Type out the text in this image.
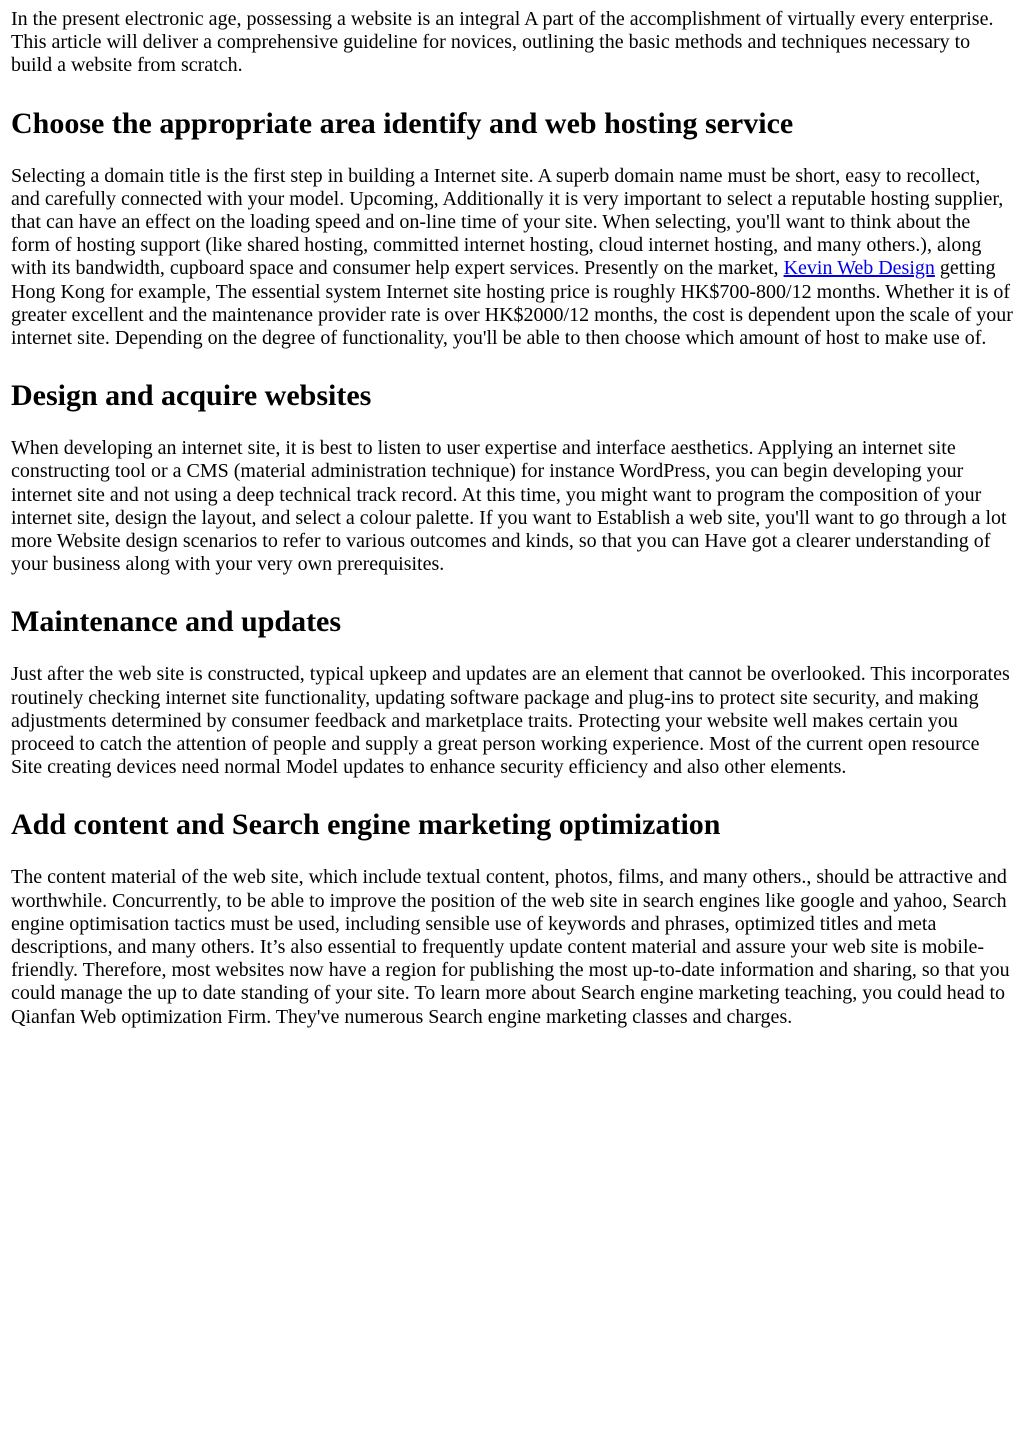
In the present electronic age, possessing a website is an integral A part of the accomplishment of virtually every enterprise. This article will deliver a comprehensive guideline for novices, outlining the basic methods and techniques necessary to build a website from scratch.

Choose the appropriate area identify and web hosting service

Selecting a domain title is the first step in building a Internet site. A superb domain name must be short, easy to recollect, and carefully connected with your model. Upcoming, Additionally it is very important to select a reputable hosting supplier, that can have an effect on the loading speed and on-line time of your site. When selecting, you'll want to think about the form of hosting support (like shared hosting, committed internet hosting, cloud internet hosting, and many others.), along with its bandwidth, cupboard space and consumer help expert services. Presently on the market, Kevin Web Design getting Hong Kong for example, The essential system Internet site hosting price is roughly HK$700-800/12 months. Whether it is of greater excellent and the maintenance provider rate is over HK$2000/12 months, the cost is dependent upon the scale of your internet site. Depending on the degree of functionality, you'll be able to then choose which amount of host to make use of.

Design and acquire websites

When developing an internet site, it is best to listen to user expertise and interface aesthetics. Applying an internet site constructing tool or a CMS (material administration technique) for instance WordPress, you can begin developing your internet site and not using a deep technical track record. At this time, you might want to program the composition of your internet site, design the layout, and select a colour palette. If you want to Establish a web site, you'll want to go through a lot more Website design scenarios to refer to various outcomes and kinds, so that you can Have got a clearer understanding of your business along with your very own prerequisites.

Maintenance and updates

Just after the web site is constructed, typical upkeep and updates are an element that cannot be overlooked. This incorporates routinely checking internet site functionality, updating software package and plug-ins to protect site security, and making adjustments determined by consumer feedback and marketplace traits. Protecting your website well makes certain you proceed to catch the attention of people and supply a great person working experience. Most of the current open resource Site creating devices need normal Model updates to enhance security efficiency and also other elements.

Add content and Search engine marketing optimization

The content material of the web site, which include textual content, photos, films, and many others., should be attractive and worthwhile. Concurrently, to be able to improve the position of the web site in search engines like google and yahoo, Search engine optimisation tactics must be used, including sensible use of keywords and phrases, optimized titles and meta descriptions, and many others. It’s also essential to frequently update content material and assure your web site is mobile-friendly. Therefore, most websites now have a region for publishing the most up-to-date information and sharing, so that you could manage the up to date standing of your site. To learn more about Search engine marketing teaching, you could head to Qianfan Web optimization Firm. They've numerous Search engine marketing classes and charges.
